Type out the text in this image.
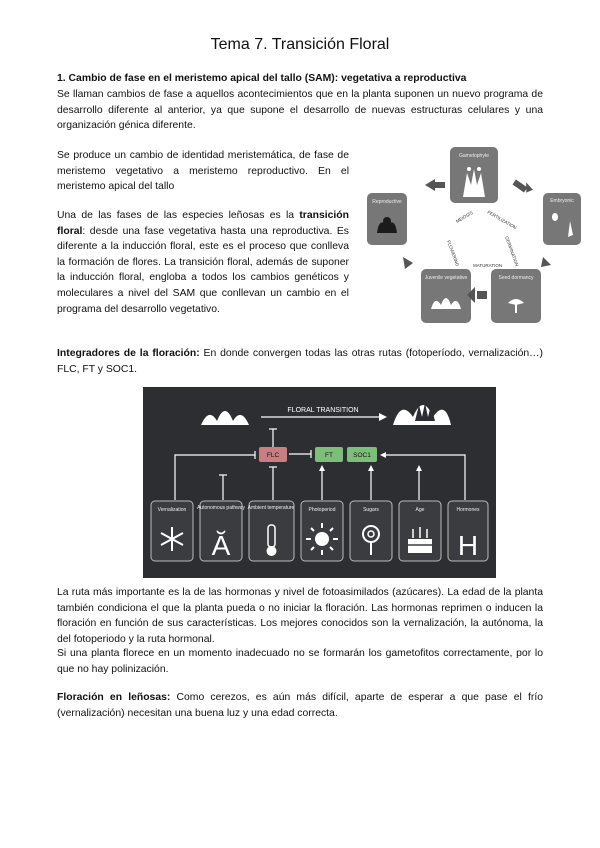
Tema 7. Transición Floral
1. Cambio de fase en el meristemo apical del tallo (SAM): vegetativa a reproductiva
Se llaman cambios de fase a aquellos acontecimientos que en la planta suponen un nuevo programa de desarrollo diferente al anterior, ya que supone el desarrollo de nuevas estructuras celulares y una organización génica diferente.
Se produce un cambio de identidad meristemática, de fase de meristemo vegetativo a meristemo reproductivo. En el meristemo apical del tallo
Una de las fases de las especies leñosas es la transición floral: desde una fase vegetativa hasta una reproductiva. Es diferente a la inducción floral, este es el proceso que conlleva la formación de flores. La transición floral, además de suponer la inducción floral, engloba a todos los cambios genéticos y moleculares a nivel del SAM que conllevan un cambio en el programa del desarrollo vegetativo.
Gametophyte
Embryonic
Seed dormancy
Juvenile vegetative
Reproductive
MEIOSIS	FERTILIZATION
GERMINATION
MATURATION
FLOWERING
Integradores de la floración: En donde convergen todas las otras rutas (fotoperíodo, vernalización…) FLC, FT y SOC1.
FLORAL TRANSITION
FLC	FT	SOC1
Vernalization Autonomous pathway
Ă
Ambient temperature	Photoperiod	Sugars	Age	Hormones
H
La ruta más importante es la de las hormonas y nivel de fotoasimilados (azúcares). La edad de la planta también condiciona el que la planta pueda o no iniciar la floración. Las hormonas reprimen o inducen la floración en función de sus características. Los mejores conocidos son la vernalización, la autónoma, la del fotoperiodo y la ruta hormonal.
Si una planta florece en un momento inadecuado no se formarán los gametofitos correctamente, por lo que no hay polinización.
Floración en leñosas: Como cerezos, es aún más difícil, aparte de esperar a que pase el frío (vernalización) necesitan una buena luz y una edad correcta.
